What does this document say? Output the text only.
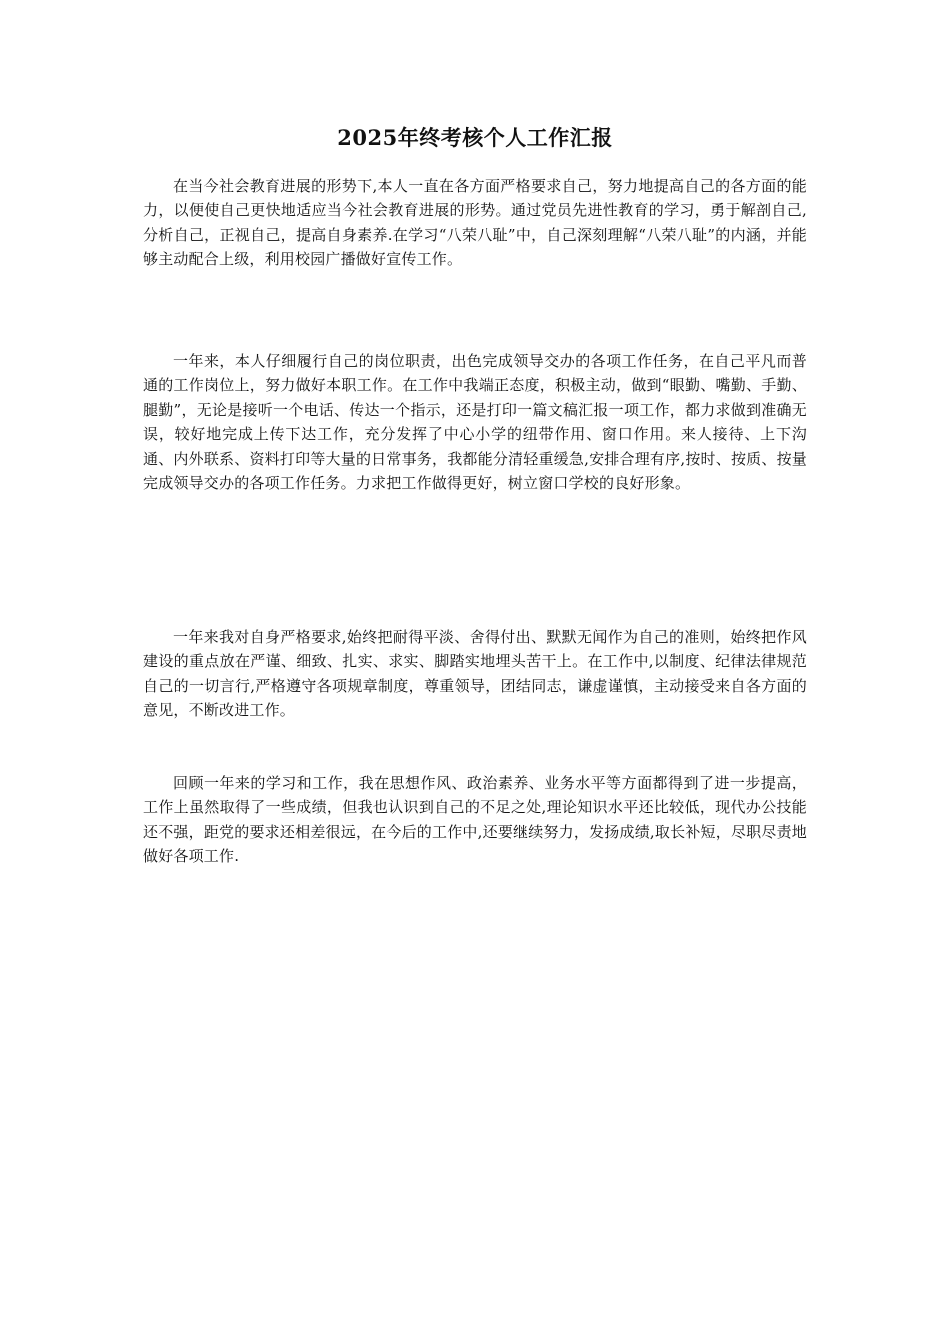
2025年终考核个人工作汇报

在当今社会教育进展的形势下,本人一直在各方面严格要求自己，努力地提高自己的各方面的能力，以便使自己更快地适应当今社会教育进展的形势。通过党员先进性教育的学习，勇于解剖自己,分析自己，正视自己，提高自身素养.在学习“八荣八耻”中，自己深刻理解“八荣八耻”的内涵，并能够主动配合上级，利用校园广播做好宣传工作。

一年来，本人仔细履行自己的岗位职责，出色完成领导交办的各项工作任务，在自己平凡而普通的工作岗位上，努力做好本职工作。在工作中我端正态度，积极主动，做到“眼勤、嘴勤、手勤、腿勤”，无论是接听一个电话、传达一个指示，还是打印一篇文稿汇报一项工作，都力求做到准确无误，较好地完成上传下达工作，充分发挥了中心小学的纽带作用、窗口作用。来人接待、上下沟通、内外联系、资料打印等大量的日常事务，我都能分清轻重缓急,安排合理有序,按时、按质、按量完成领导交办的各项工作任务。力求把工作做得更好，树立窗口学校的良好形象。

一年来我对自身严格要求,始终把耐得平淡、舍得付出、默默无闻作为自己的准则，始终把作风建设的重点放在严谨、细致、扎实、求实、脚踏实地埋头苦干上。在工作中,以制度、纪律法律规范自己的一切言行,严格遵守各项规章制度，尊重领导，团结同志，谦虚谨慎，主动接受来自各方面的意见，不断改进工作。

回顾一年来的学习和工作，我在思想作风、政治素养、业务水平等方面都得到了进一步提高，工作上虽然取得了一些成绩，但我也认识到自己的不足之处,理论知识水平还比较低，现代办公技能还不强，距党的要求还相差很远，在今后的工作中,还要继续努力，发扬成绩,取长补短，尽职尽责地做好各项工作.
